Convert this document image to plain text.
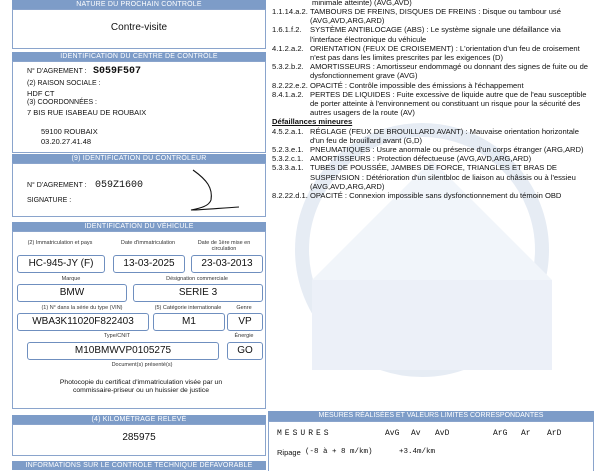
NATURE DU PROCHAIN CONTRÔLE
Contre-visite
IDENTIFICATION DU CENTRE DE CONTRÔLE
N° D'AGREMENT : S059F507
(2) RAISON SOCIALE :
HDF CT
(3) COORDONNÉES :
7 BIS RUE ISABEAU DE ROUBAIX
59100 ROUBAIX
03.20.27.41.48
(9) IDENTIFICATION DU CONTRÔLEUR
N° D'AGREMENT : 059Z1600
SIGNATURE :
IDENTIFICATION DU VÉHICULE
(2) Immatriculation et pays	Date d'immatriculation	Date de 1ère mise en circulation
HC-945-JY (F)	13-03-2025	23-03-2013
Marque	Désignation commerciale
BMW	SERIE 3
(1) N° dans la série du type (VIN)	(5) Catégorie internationale	Genre
WBA3K11020F822403	M1	VP
Type/CNIT	Énergie
M10BMWVP0105275	GO
Document(s) présenté(s)
Photocopie du certificat d'immatriculation visée par un commissaire-priseur ou un huissier de justice
(4) KILOMÉTRAGE RELEVÉ
285975
INFORMATIONS SUR LE CONTRÔLE TECHNIQUE DÉFAVORABLE
minimale atteinte) (AVG,AVD)
1.1.14.a.2. TAMBOURS DE FREINS, DISQUES DE FREINS : Disque ou tambour usé (AVG,AVD,ARG,ARD)
1.6.1.f.2.	SYSTÈME ANTIBLOCAGE (ABS) : Le système signale une défaillance via l'interface électronique du véhicule
4.1.2.a.2. ORIENTATION (FEUX DE CROISEMENT) : L'orientation d'un feu de croisement n'est pas dans les limites prescrites par les exigences (D)
5.3.2.b.2. AMORTISSEURS : Amortisseur endommagé ou donnant des signes de fuite ou de dysfonctionnement grave (AVG)
8.2.22.e.2. OPACITÉ : Contrôle impossible des émissions à l'échappement
8.4.1.a.2. PERTES DE LIQUIDES : Fuite excessive de liquide autre que de l'eau susceptible de porter atteinte à l'environnement ou constituant un risque pour la sécurité des autres usagers de la route (AV)
Défaillances mineures
4.5.2.a.1. RÉGLAGE (FEUX DE BROUILLARD AVANT) : Mauvaise orientation horizontale d'un feu de brouillard avant (G,D)
5.2.3.e.1. PNEUMATIQUES : Usure anormale ou présence d'un corps étranger (ARG,ARD)
5.3.2.c.1. AMORTISSEURS : Protection défectueuse (AVG,AVD,ARG,ARD)
5.3.3.a.1. TUBES DE POUSSÉE, JAMBES DE FORCE, TRIANGLES ET BRAS DE SUSPENSION : Détérioration d'un silentbloc de liaison au châssis ou à l'essieu (AVG,AVD,ARG,ARD)
8.2.22.d.1. OPACITÉ : Connexion impossible sans dysfonctionnement du témoin OBD
MESURES RÉALISÉES ET VALEURS LIMITES CORRESPONDANTES
MESURES	AvG Av AvD	ArG Ar ArD
Ripage (-8 à + 8 m/km)	+3.4m/km
